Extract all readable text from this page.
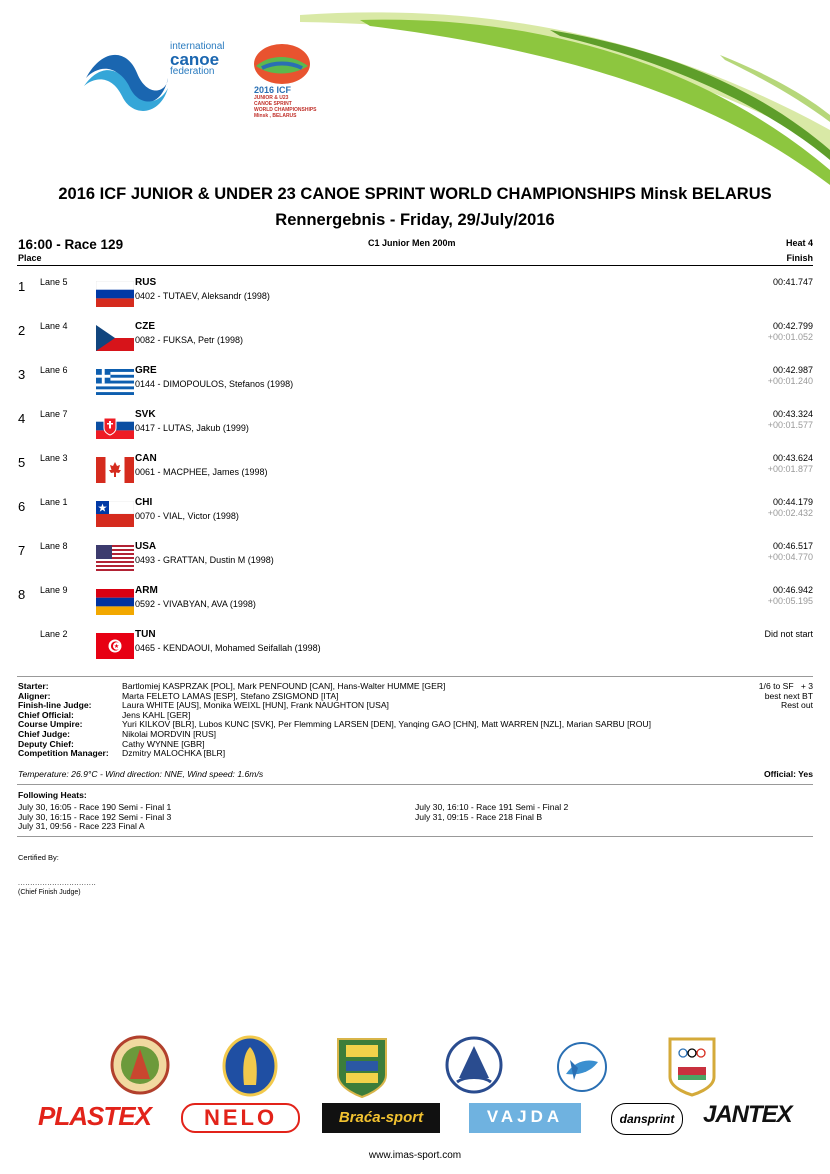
international
canoe
federation
2016 ICF
JUNIOR & U23
CANOE SPRINT
WORLD CHAMPIONSHIPS
Minsk , BELARUS
2016 ICF JUNIOR & UNDER 23 CANOE SPRINT WORLD CHAMPIONSHIPS Minsk BELARUS
Rennergebnis - Friday, 29/July/2016
16:00 - Race 129	C1 Junior Men 200m	Heat 4
Place	Finish
1 Lane 5	RUS
0402 - TUTAEV, Aleksandr (1998)
00:41.747
2 Lane 4	CZE
0082 - FUKSA, Petr (1998)
00:42.799
+00:01.052
3 Lane 6	GRE
0144 - DIMOPOULOS, Stefanos (1998)
00:42.987
+00:01.240
4 Lane 7	SVK
0417 - LUTAS, Jakub (1999)
00:43.324
+00:01.577
5 Lane 3	CAN
0061 - MACPHEE, James (1998)
00:43.624
+00:01.877
6 Lane 1	CHI
0070 - VIAL, Victor (1998)
00:44.179
+00:02.432
7 Lane 8	USA
0493 - GRATTAN, Dustin M (1998)
00:46.517
+00:04.770
8 Lane 9	ARM
0592 - VIVABYAN, AVA (1998)
00:46.942
+00:05.195
Lane 2	TUN
0465 - KENDAOUI, Mohamed Seifallah (1998)
Did not start
Starter:	Bartlomiej KASPRZAK [POL], Mark PENFOUND [CAN], Hans-Walter HUMME [GER]
Aligner:	Marta FELETO LAMAS [ESP], Stefano ZSIGMOND [ITA]
Finish-line Judge:	Laura WHITE [AUS], Monika WEIXL [HUN], Frank NAUGHTON [USA]
Chief Official:	Jens KAHL [GER]
Course Umpire:	Yuri KILKOV [BLR], Lubos KUNC [SVK], Per Flemming LARSEN [DEN], Yanqing GAO [CHN], Matt WARREN [NZL], Marian SARBU [ROU]
Chief Judge:	Nikolai MORDVIN [RUS]
Deputy Chief:	Cathy WYNNE [GBR]
Competition Manager:	Dzmitry MALOCHKA [BLR]
1/6 to SF   + 3
best next BT
Rest out
Temperature: 26.9°C - Wind direction: NNE, Wind speed: 1.6m/s	Official: Yes
Following Heats:
July 30, 16:05 - Race 190 Semi - Final 1
July 30, 16:15 - Race 192 Semi - Final 3
July 31, 09:56 - Race 223 Final A
July 30, 16:10 - Race 191 Semi - Final 2
July 31, 09:15 - Race 218 Final B
Certified By:
................................
(Chief Finish Judge)
PLASTEX	NELO	Braća-sport	VAJDA	dansprint	JANTEX
www.imas-sport.com
